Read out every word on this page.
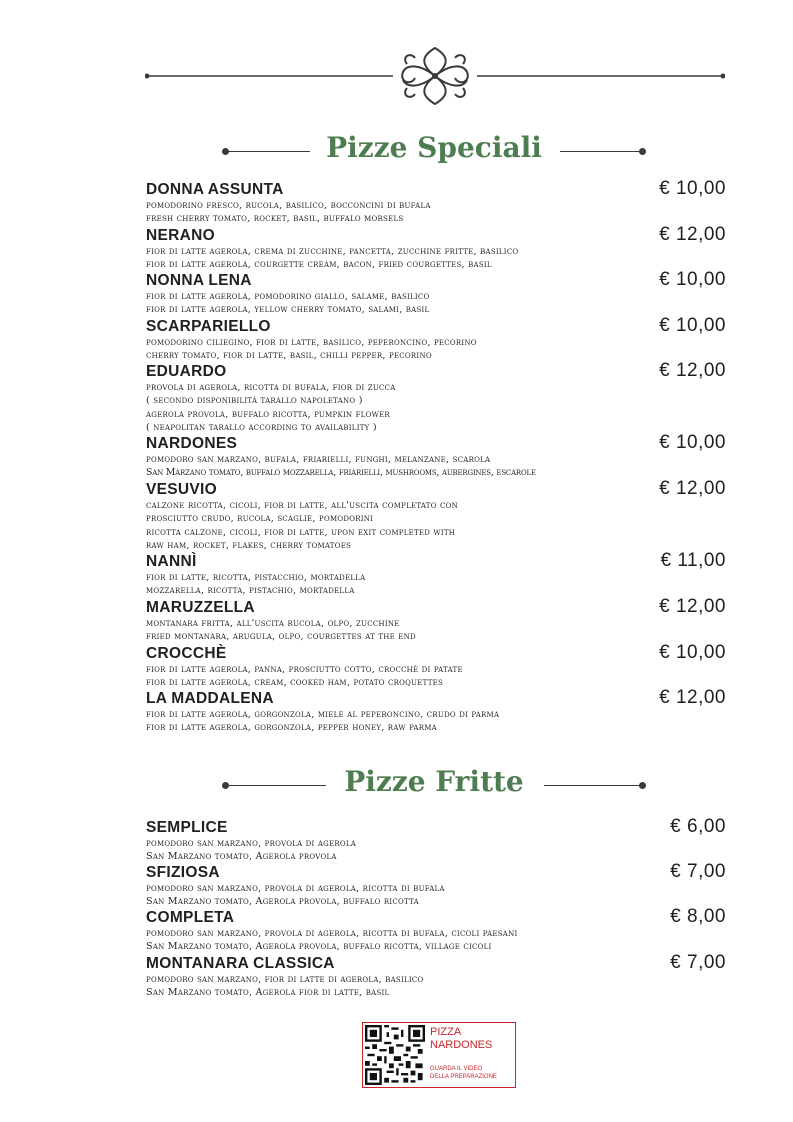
Pizze Speciali
DONNA ASSUNTA	€ 10,00
pomodorino fresco, rucola, basilico, bocconcini di bufala
fresh cherry tomato, rocket, basil, buffalo morsels
NERANO	€ 12,00
fior di latte agerola, crema di zucchine, pancetta, zucchine fritte, basilico
fior di latte agerola, courgette cream, bacon, fried courgettes, basil
NONNA LENA	€ 10,00
fior di latte agerola, pomodorino giallo, salame, basilico
fior di latte agerola, yellow cherry tomato, salami, basil
SCARPARIELLO	€ 10,00
pomodorino ciliegino, fior di latte, basilico, peperoncino, pecorino
cherry tomato, fior di latte, basil, chilli pepper, pecorino
EDUARDO	€ 12,00
provola di agerola, ricotta di bufala, fior di zucca
( secondo disponibilità tarallo napoletano )
agerola provola, buffalo ricotta, pumpkin flower
( neapolitan tarallo according to availability )
NARDONES	€ 10,00
pomodoro san marzano, bufala, friarielli, funghi, melanzane, scarola
San Marzano tomato, buffalo mozzarella, friarielli, mushrooms, aubergines, escarole
VESUVIO	€ 12,00
calzone ricotta, cicoli, fior di latte, all'uscita completato con
prosciutto crudo, rucola, scaglie, pomodorini
ricotta calzone, cicoli, fior di latte, upon exit completed with
raw ham, rocket, flakes, cherry tomatoes
NANNÌ	€ 11,00
fior di latte, ricotta, pistacchio, mortadella
mozzarella, ricotta, pistachio, mortadella
MARUZZELLA	€ 12,00
montanara fritta, all'uscita rucola, olpo, zucchine
fried montanara, arugula, olpo, courgettes at the end
CROCCHÈ	€ 10,00
fior di latte agerola, panna, prosciutto cotto, crocchè di patate
fior di latte agerola, cream, cooked ham, potato croquettes
LA MADDALENA	€ 12,00
fior di latte agerola, gorgonzola, miele al peperoncino, crudo di parma
fior di latte agerola, gorgonzola, pepper honey, raw parma
Pizze Fritte
SEMPLICE	€ 6,00
pomodoro san marzano, provola di agerola
San Marzano tomato, Agerola provola
SFIZIOSA	€ 7,00
pomodoro san marzano, provola di agerola, ricotta di bufala
San Marzano tomato, Agerola provola, buffalo ricotta
COMPLETA	€ 8,00
pomodoro san marzano, provola di agerola, ricotta di bufala, cicoli paesani
San Marzano tomato, Agerola provola, buffalo ricotta, village cicoli
MONTANARA CLASSICA	€ 7,00
pomodoro san marzano, fior di latte di agerola, basilico
San Marzano tomato, Agerola fior di latte, basil
PIZZA
NARDONES
GUARDA IL VIDEO
DELLA PREPARAZIONE
